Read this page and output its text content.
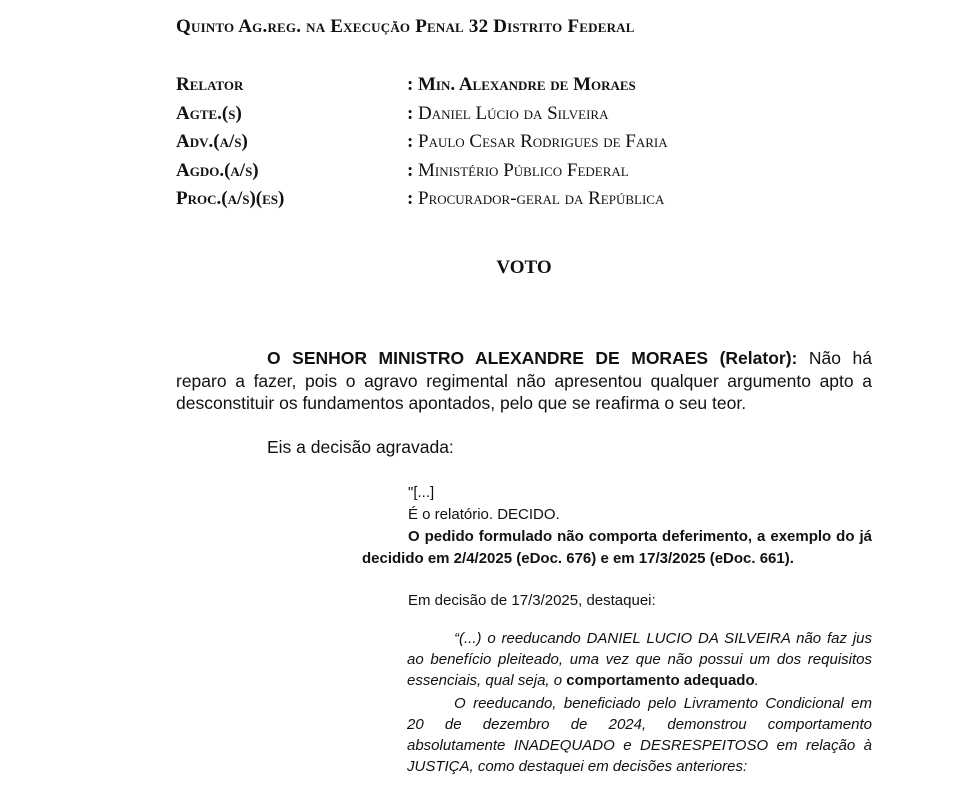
Quinto Ag.reg. na Execução Penal 32 Distrito Federal
Relator	: Min. Alexandre de Moraes
Agte.(s)	: Daniel Lúcio da Silveira
Adv.(a/s)	: Paulo Cesar Rodrigues de Faria
Agdo.(a/s)	: Ministério Público Federal
Proc.(a/s)(es)	: Procurador-geral da República
VOTO
O SENHOR MINISTRO ALEXANDRE DE MORAES (Relator): Não há reparo a fazer, pois o agravo regimental não apresentou qualquer argumento apto a desconstituir os fundamentos apontados, pelo que se reafirma o seu teor.
Eis a decisão agravada:
"[...]
É o relatório. DECIDO.
O pedido formulado não comporta deferimento, a exemplo do já decidido em 2/4/2025 (eDoc. 676) e em 17/3/2025 (eDoc. 661).
Em decisão de 17/3/2025, destaquei:
“(...) o reeducando DANIEL LUCIO DA SILVEIRA não faz jus ao benefício pleiteado, uma vez que não possui um dos requisitos essenciais, qual seja, o comportamento adequado.
O reeducando, beneficiado pelo Livramento Condicional em 20 de dezembro de 2024, demonstrou comportamento absolutamente INADEQUADO e DESRESPEITOSO em relação à JUSTIÇA, como destaquei em decisões anteriores:
